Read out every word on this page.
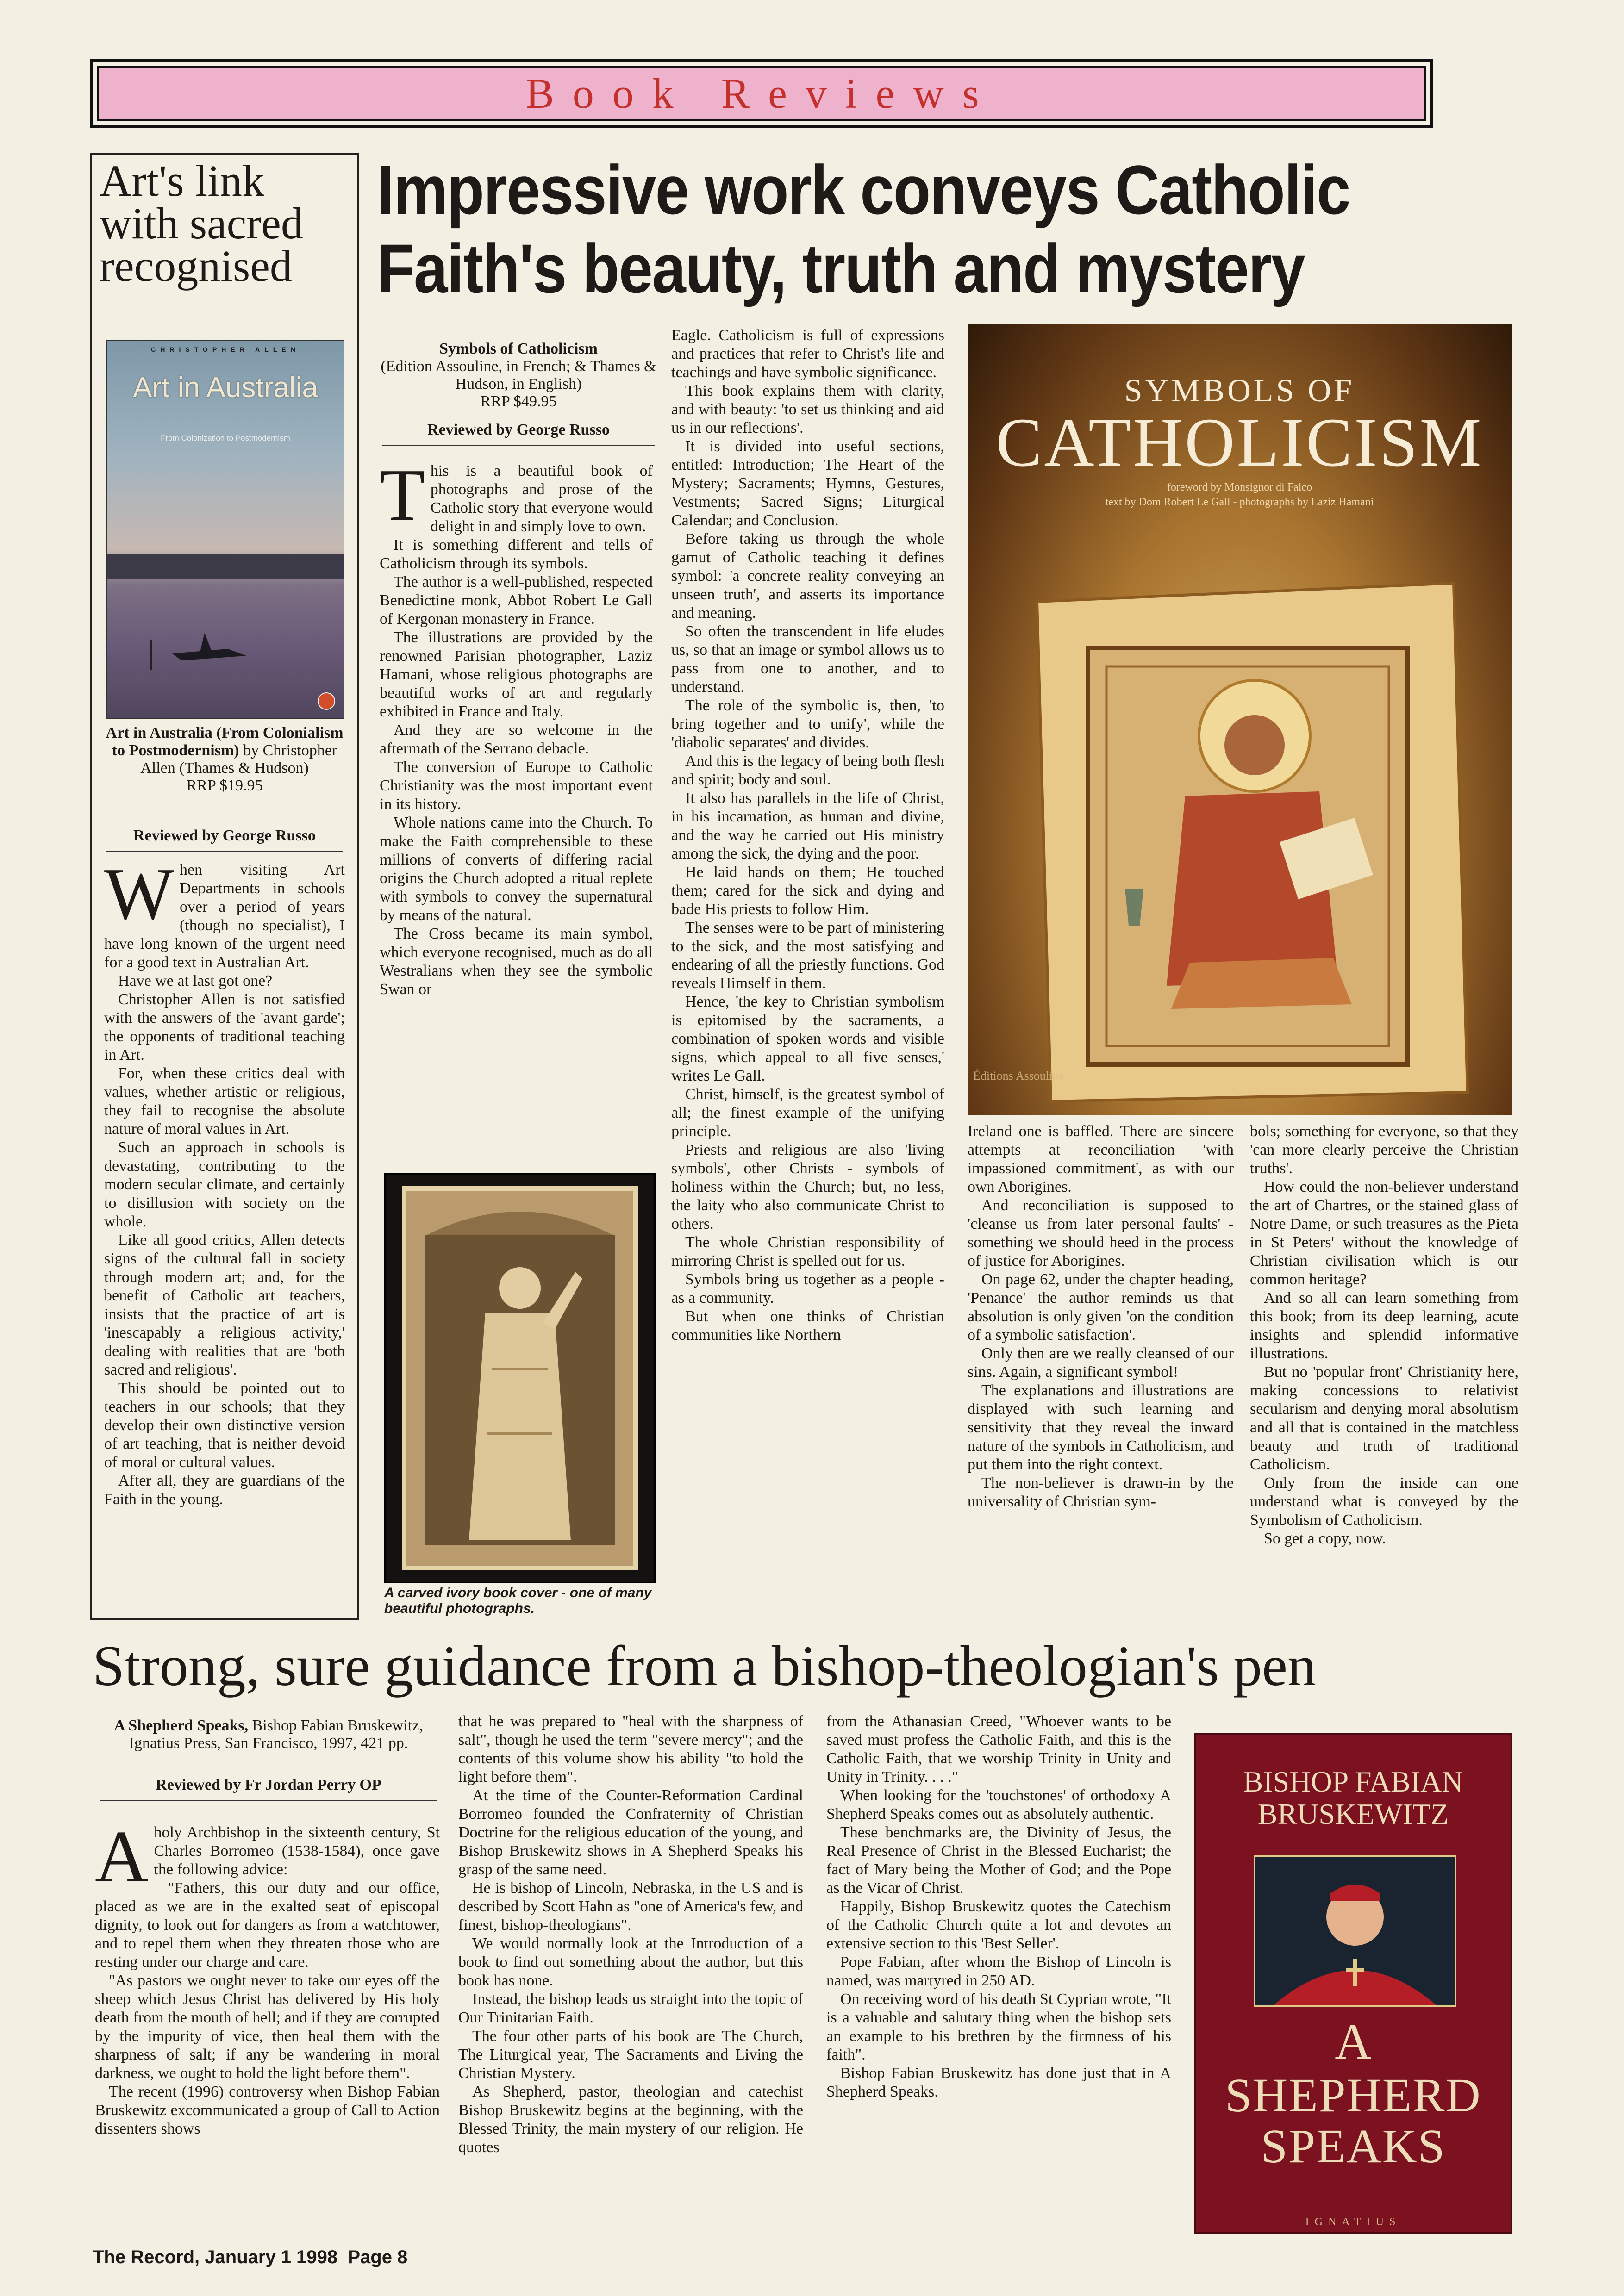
Book Reviews
Art's link with sacred recognised
CHRISTOPHER ALLEN
Art in Australia
From Colonization to Postmodernism
Art in Australia (From Colonialism to Postmodernism) by Christopher Allen (Thames & Hudson)
RRP $19.95
Reviewed by George Russo

When visiting Art Departments in schools over a period of years (though no specialist), I have long known of the urgent need for a good text in Australian Art.

Have we at last got one?

Christopher Allen is not satisfied with the answers of the 'avant garde'; the opponents of traditional teaching in Art.

For, when these critics deal with values, whether artistic or religious, they fail to recognise the absolute nature of moral values in Art.

Such an approach in schools is devastating, contributing to the modern secular climate, and certainly to disillusion with society on the whole.

Like all good critics, Allen detects signs of the cultural fall in society through modern art; and, for the benefit of Catholic art teachers, insists that the practice of art is 'inescapably a religious activity,' dealing with realities that are 'both sacred and religious'.

This should be pointed out to teachers in our schools; that they develop their own distinctive version of art teaching, that is neither devoid of moral or cultural values.

After all, they are guardians of the Faith in the young.

Impressive work conveys Catholic
Faith's beauty, truth and mystery
Symbols of Catholicism
(Edition Assouline, in French; & Thames & Hudson, in English)
RRP $49.95
Reviewed by George Russo

This is a beautiful book of photographs and prose of the Catholic story that everyone would delight in and simply love to own.

It is something different and tells of Catholicism through its symbols.

The author is a well-published, respected Benedictine monk, Abbot Robert Le Gall of Kergonan monastery in France.

The illustrations are provided by the renowned Parisian photographer, Laziz Hamani, whose religious photographs are beautiful works of art and regularly exhibited in France and Italy.

And they are so welcome in the aftermath of the Serrano debacle.

The conversion of Europe to Catholic Christianity was the most important event in its history.

Whole nations came into the Church. To make the Faith comprehensible to these millions of converts of differing racial origins the Church adopted a ritual replete with symbols to convey the supernatural by means of the natural.

The Cross became its main symbol, which everyone recognised, much as do all Westralians when they see the symbolic Swan or

A carved ivory book cover - one of many beautiful photographs.

Eagle. Catholicism is full of expressions and practices that refer to Christ's life and teachings and have symbolic significance.

This book explains them with clarity, and with beauty: 'to set us thinking and aid us in our reflections'.

It is divided into useful sections, entitled: Introduction; The Heart of the Mystery; Sacraments; Hymns, Gestures, Vestments; Sacred Signs; Liturgical Calendar; and Conclusion.

Before taking us through the whole gamut of Catholic teaching it defines symbol: 'a concrete reality conveying an unseen truth', and asserts its importance and meaning.

So often the transcendent in life eludes us, so that an image or symbol allows us to pass from one to another, and to understand.

The role of the symbolic is, then, 'to bring together and to unify', while the 'diabolic separates' and divides.

And this is the legacy of being both flesh and spirit; body and soul.

It also has parallels in the life of Christ, in his incarnation, as human and divine, and the way he carried out His ministry among the sick, the dying and the poor.

He laid hands on them; He touched them; cared for the sick and dying and bade His priests to follow Him.

The senses were to be part of ministering to the sick, and the most satisfying and endearing of all the priestly functions. God reveals Himself in them.

Hence, 'the key to Christian symbolism is epitomised by the sacraments, a combination of spoken words and visible signs, which appeal to all five senses,' writes Le Gall.

Christ, himself, is the greatest symbol of all; the finest example of the unifying principle.

Priests and religious are also 'living symbols', other Christs - symbols of holiness within the Church; but, no less, the laity who also communicate Christ to others.

The whole Christian responsibility of mirroring Christ is spelled out for us.

Symbols bring us together as a people - as a community.

But when one thinks of Christian communities like Northern

SYMBOLS OF
CATHOLICISM
foreword by Monsignor di Falco
text by Dom Robert Le Gall - photographs by Laziz Hamani
Éditions Assouline

Ireland one is baffled. There are sincere attempts at reconciliation 'with impassioned commitment', as with our own Aborigines.

And reconciliation is supposed to 'cleanse us from later personal faults' - something we should heed in the process of justice for Aborigines.

On page 62, under the chapter heading, 'Penance' the author reminds us that absolution is only given 'on the condition of a symbolic satisfaction'.

Only then are we really cleansed of our sins. Again, a significant symbol!

The explanations and illustrations are displayed with such learning and sensitivity that they reveal the inward nature of the symbols in Catholicism, and put them into the right context.

The non-believer is drawn-in by the universality of Christian sym-

bols; something for everyone, so that they 'can more clearly perceive the Christian truths'.

How could the non-believer understand the art of Chartres, or the stained glass of Notre Dame, or such treasures as the Pieta in St Peters' without the knowledge of Christian civilisation which is our common heritage?

And so all can learn something from this book; from its deep learning, acute insights and splendid informative illustrations.

But no 'popular front' Christianity here, making concessions to relativist secularism and denying moral absolutism and all that is contained in the matchless beauty and truth of traditional Catholicism.

Only from the inside can one understand what is conveyed by the Symbolism of Catholicism.

So get a copy, now.

Strong, sure guidance from a bishop-theologian's pen
A Shepherd Speaks, Bishop Fabian Bruskewitz, Ignatius Press, San Francisco, 1997, 421 pp.
Reviewed by Fr Jordan Perry OP

Aholy Archbishop in the sixteenth century, St Charles Borromeo (1538-1584), once gave the following advice:

"Fathers, this our duty and our office, placed as we are in the exalted seat of episcopal dignity, to look out for dangers as from a watchtower, and to repel them when they threaten those who are resting under our charge and care.

"As pastors we ought never to take our eyes off the sheep which Jesus Christ has delivered by His holy death from the mouth of hell; and if they are corrupted by the impurity of vice, then heal them with the sharpness of salt; if any be wandering in moral darkness, we ought to hold the light before them".

The recent (1996) controversy when Bishop Fabian Bruskewitz excommunicated a group of Call to Action dissenters shows

that he was prepared to "heal with the sharpness of salt", though he used the term "severe mercy"; and the contents of this volume show his ability "to hold the light before them".

At the time of the Counter-Reformation Cardinal Borromeo founded the Confraternity of Christian Doctrine for the religious education of the young, and Bishop Bruskewitz shows in A Shepherd Speaks his grasp of the same need.

He is bishop of Lincoln, Nebraska, in the US and is described by Scott Hahn as "one of America's few, and finest, bishop-theologians".

We would normally look at the Introduction of a book to find out something about the author, but this book has none.

Instead, the bishop leads us straight into the topic of Our Trinitarian Faith.

The four other parts of his book are The Church, The Liturgical year, The Sacraments and Living the Christian Mystery.

As Shepherd, pastor, theologian and catechist Bishop Bruskewitz begins at the beginning, with the Blessed Trinity, the main mystery of our religion. He quotes

from the Athanasian Creed, "Whoever wants to be saved must profess the Catholic Faith, and this is the Catholic Faith, that we worship Trinity in Unity and Unity in Trinity. . . ."

When looking for the 'touchstones' of orthodoxy A Shepherd Speaks comes out as absolutely authentic.

These benchmarks are, the Divinity of Jesus, the Real Presence of Christ in the Blessed Eucharist; the fact of Mary being the Mother of God; and the Pope as the Vicar of Christ.

Happily, Bishop Bruskewitz quotes the Catechism of the Catholic Church quite a lot and devotes an extensive section to this 'Best Seller'.

Pope Fabian, after whom the Bishop of Lincoln is named, was martyred in 250 AD.

On receiving word of his death St Cyprian wrote, "It is a valuable and salutary thing when the bishop sets an example to his brethren by the firmness of his faith".

Bishop Fabian Bruskewitz has done just that in A Shepherd Speaks.

BISHOP FABIAN
BRUSKEWITZ
A
SHEPHERD
SPEAKS
IGNATIUS
The Record, January 1 1998  Page 8
